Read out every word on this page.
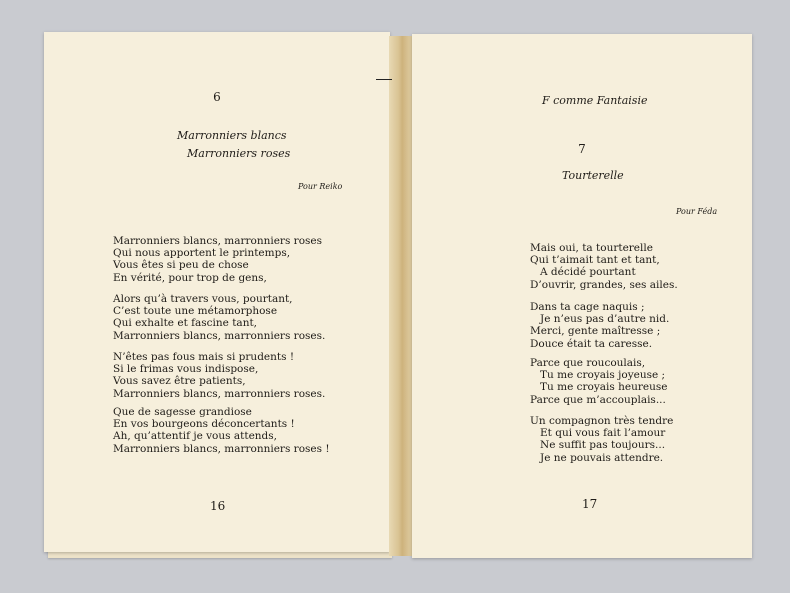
6
Marronniers blancs
Marronniers roses
Pour Reiko
Marronniers blancs, marronniers roses
Qui nous apportent le printemps,
Vous êtes si peu de chose
En vérité, pour trop de gens,
Alors qu’à travers vous, pourtant,
C’est toute une métamorphose
Qui exhalte et fascine tant,
Marronniers blancs, marronniers roses.
N’êtes pas fous mais si prudents !
Si le frimas vous indispose,
Vous savez être patients,
Marronniers blancs, marronniers roses.
Que de sagesse grandiose
En vos bourgeons déconcertants !
Ah, qu’attentif je vous attends,
Marronniers blancs, marronniers roses !
16
F comme Fantaisie
7
Tourterelle
Pour Féda
Mais oui, ta tourterelle
Qui t’aimait tant et tant,
A décidé pourtant
D’ouvrir, grandes, ses ailes.
Dans ta cage naquis ;
Je n’eus pas d’autre nid.
Merci, gente maîtresse ;
Douce était ta caresse.
Parce que roucoulais,
Tu me croyais joyeuse ;
Tu me croyais heureuse
Parce que m’accouplais...
Un compagnon très tendre
Et qui vous fait l’amour
Ne suffit pas toujours...
Je ne pouvais attendre.
17
